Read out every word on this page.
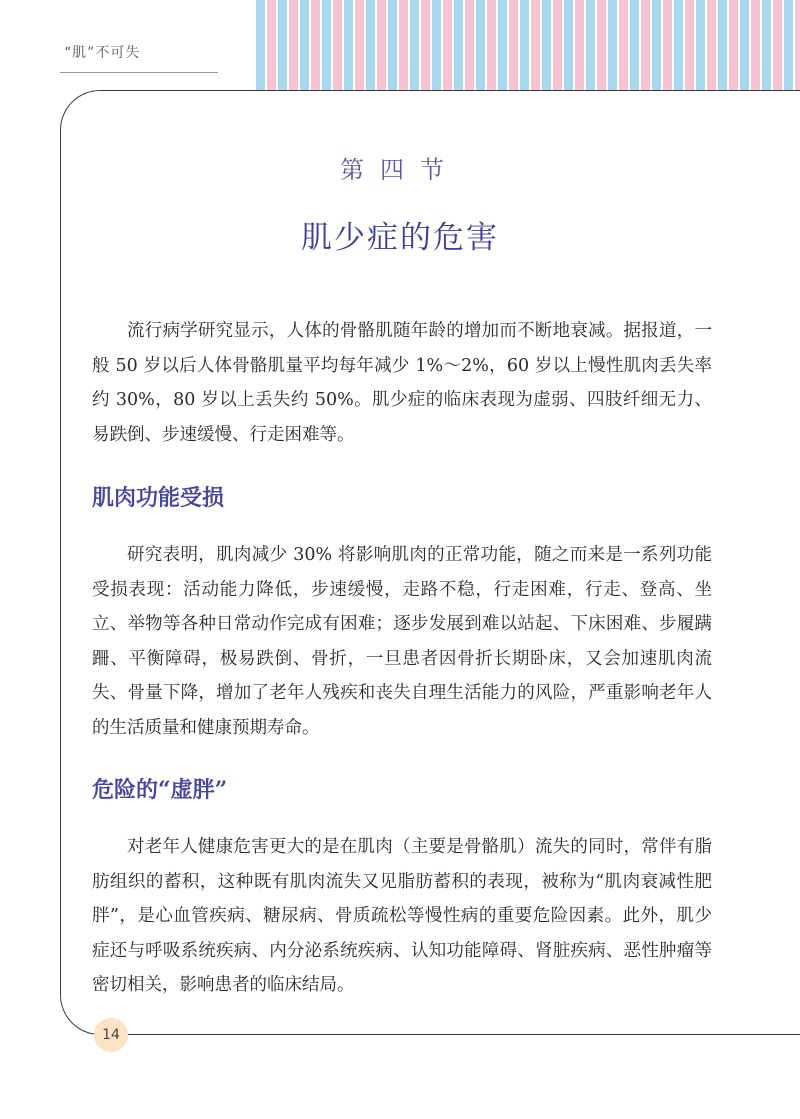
“肌”不可失
第四节
肌少症的危害

流行病学研究显示，人体的骨骼肌随年龄的增加而不断地衰减。据报道，一般 50 岁以后人体骨骼肌量平均每年减少 1%～2%，60 岁以上慢性肌肉丢失率约 30%，80 岁以上丢失约 50%。肌少症的临床表现为虚弱、四肢纤细无力、易跌倒、步速缓慢、行走困难等。

肌肉功能受损

研究表明，肌肉减少 30% 将影响肌肉的正常功能，随之而来是一系列功能受损表现：活动能力降低，步速缓慢，走路不稳，行走困难，行走、登高、坐立、举物等各种日常动作完成有困难；逐步发展到难以站起、下床困难、步履蹒跚、平衡障碍，极易跌倒、骨折，一旦患者因骨折长期卧床，又会加速肌肉流失、骨量下降，增加了老年人残疾和丧失自理生活能力的风险，严重影响老年人的生活质量和健康预期寿命。

危险的“虚胖”

对老年人健康危害更大的是在肌肉（主要是骨骼肌）流失的同时，常伴有脂肪组织的蓄积，这种既有肌肉流失又见脂肪蓄积的表现，被称为“肌肉衰减性肥胖”，是心血管疾病、糖尿病、骨质疏松等慢性病的重要危险因素。此外，肌少症还与呼吸系统疾病、内分泌系统疾病、认知功能障碍、肾脏疾病、恶性肿瘤等密切相关，影响患者的临床结局。

14
